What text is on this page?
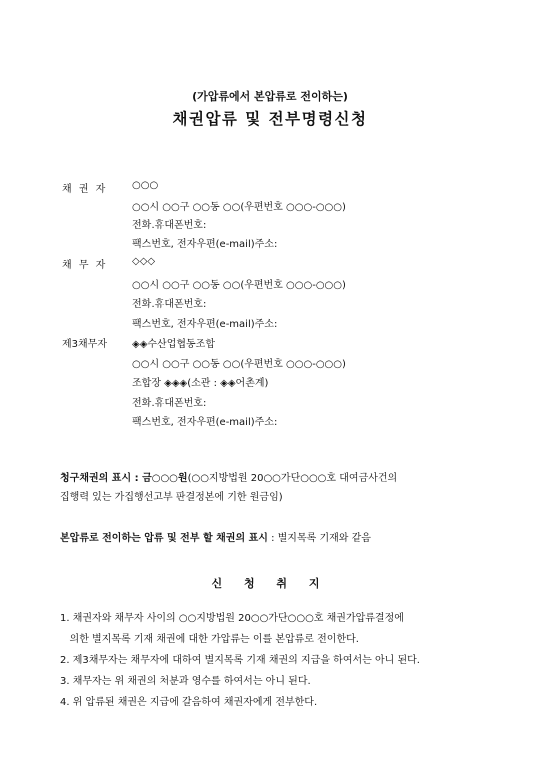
(가압류에서 본압류로 전이하는)
채권압류 및 전부명령신청
채 권 자 ○○○
○○시 ○○구 ○○동 ○○(우편번호 ○○○-○○○)
전화․휴대폰번호:
팩스번호, 전자우편(e-mail)주소:
채 무 자 ◇◇◇
○○시 ○○구 ○○동 ○○(우편번호 ○○○-○○○)
전화․휴대폰번호:
팩스번호, 전자우편(e-mail)주소:
제3채무자 ◈◈수산업협동조합
○○시 ○○구 ○○동 ○○(우편번호 ○○○-○○○)
조합장 ◈◈◈(소관 : ◈◈어촌계)
전화․휴대폰번호:
팩스번호, 전자우편(e-mail)주소:
청구채권의 표시 : 금○○○원(○○지방법원 20○○가단○○○호 대여금사건의
집행력 있는 가집행선고부 판결정본에 기한 원금임)
본압류로 전이하는 압류 및 전부 할 채권의 표시 : 별지목록 기재와 같음
신 청 취 지
1. 채권자와 채무자 사이의 ○○지방법원 20○○가단○○○호 채권가압류결정에
의한 별지목록 기재 채권에 대한 가압류는 이를 본압류로 전이한다.
2. 제3채무자는 채무자에 대하여 별지목록 기재 채권의 지급을 하여서는 아니 된다.
3. 채무자는 위 채권의 처분과 영수를 하여서는 아니 된다.
4. 위 압류된 채권은 지급에 갈음하여 채권자에게 전부한다.
